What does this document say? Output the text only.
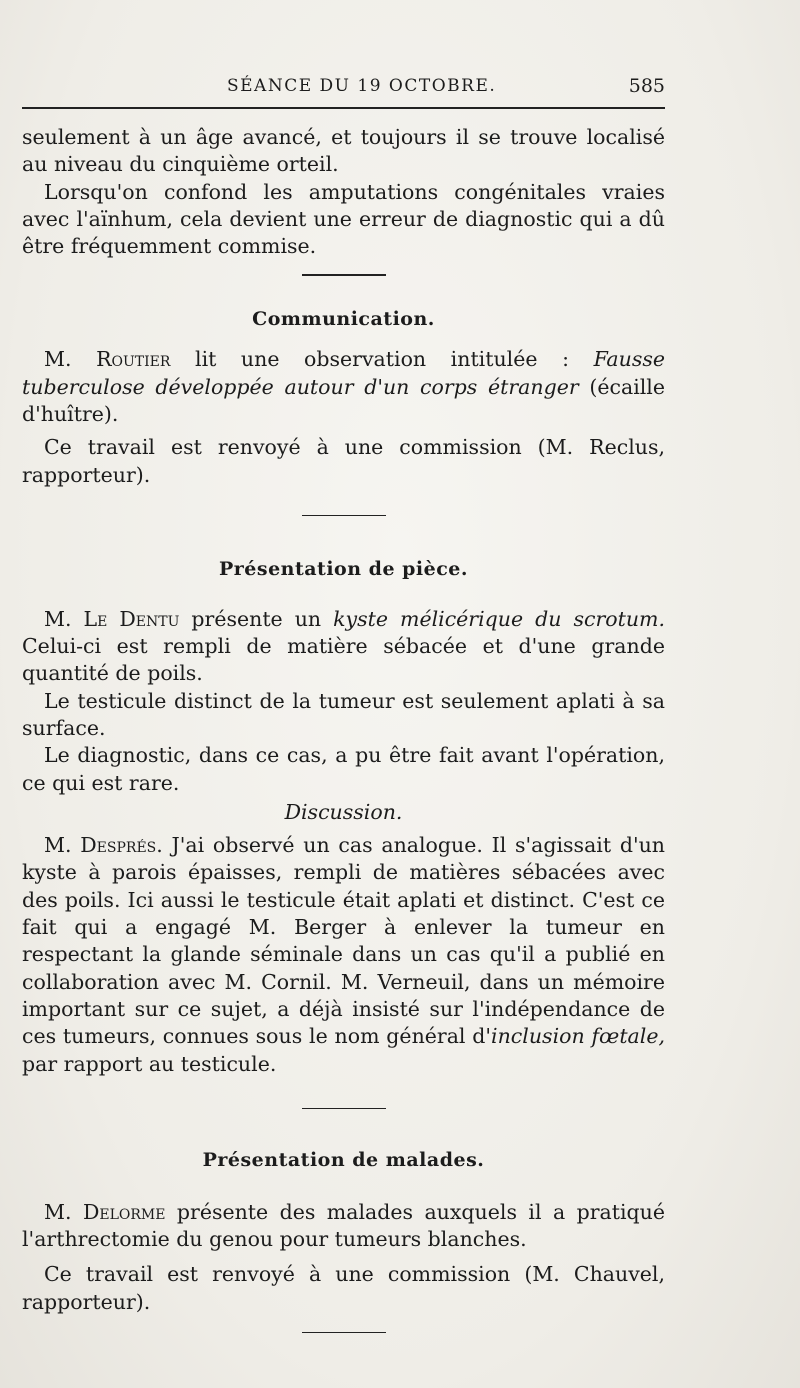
SÉANCE DU 19 OCTOBRE.	585

seulement à un âge avancé, et toujours il se trouve localisé au niveau du cinquième orteil.

Lorsqu'on confond les amputations congénitales vraies avec l'aïnhum, cela devient une erreur de diagnostic qui a dû être fréquemment commise.

Communication.

M. Routier lit une observation intitulée : Fausse tuberculose développée autour d'un corps étranger (écaille d'huître).

Ce travail est renvoyé à une commission (M. Reclus, rapporteur).

Présentation de pièce.

M. Le Dentu présente un kyste mélicérique du scrotum. Celui-ci est rempli de matière sébacée et d'une grande quantité de poils.

Le testicule distinct de la tumeur est seulement aplati à sa surface.

Le diagnostic, dans ce cas, a pu être fait avant l'opération, ce qui est rare.

Discussion.

M. Després. J'ai observé un cas analogue. Il s'agissait d'un kyste à parois épaisses, rempli de matières sébacées avec des poils. Ici aussi le testicule était aplati et distinct. C'est ce fait qui a engagé M. Berger à enlever la tumeur en respectant la glande séminale dans un cas qu'il a publié en collaboration avec M. Cornil. M. Verneuil, dans un mémoire important sur ce sujet, a déjà insisté sur l'indépendance de ces tumeurs, connues sous le nom général d'inclusion fœtale, par rapport au testicule.

Présentation de malades.

M. Delorme présente des malades auxquels il a pratiqué l'arthrectomie du genou pour tumeurs blanches.

Ce travail est renvoyé à une commission (M. Chauvel, rapporteur).
